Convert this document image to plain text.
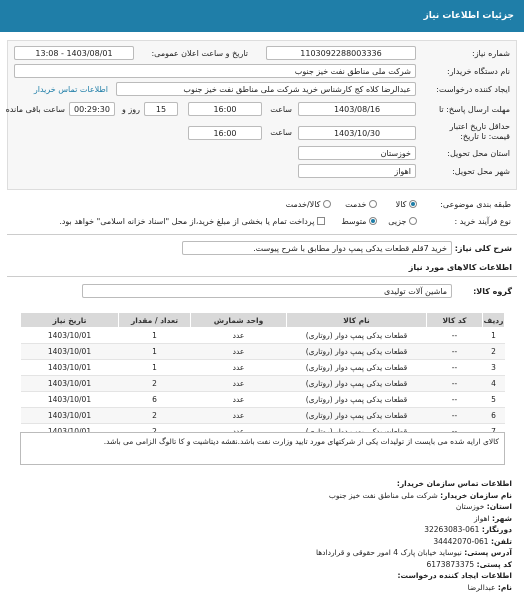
جزئیات اطلاعات نیاز
شماره نیاز:
1103092288003336
تاریخ و ساعت اعلان عمومی:
1403/08/01 - 13:08
نام دستگاه خریدار:
شرکت ملی مناطق نفت خیز جنوب
ایجاد کننده درخواست:
عبدالرضا کلاه کج کارشناس خرید شرکت ملی مناطق نفت خیز جنوب
اطلاعات تماس خریدار
مهلت ارسال پاسخ: تا
1403/08/16
ساعت
16:00
15
روز و
00:29:30
ساعت باقی مانده
حداقل تاریخ اعتبار
قیمت: تا تاریخ:
1403/10/30
ساعت
16:00
استان محل تحویل:
خوزستان
شهر محل تحویل:
اهواز
طبقه بندی موضوعی:
کالا
خدمت
کالا/خدمت
نوع فرآیند خرید :
جزیی
متوسط
پرداخت تمام یا بخشی از مبلغ خرید،از محل "اسناد خزانه اسلامی" خواهد بود.
شرح کلی نیاز:
خرید 7قلم قطعات یدکی پمپ دوار مطابق با شرح پیوست.
اطلاعات کالاهای مورد نیاز
گروه کالا:
ماشین آلات تولیدی
ردیف	کد کالا	نام کالا	واحد شمارش	تعداد / مقدار	تاریخ نیاز
1	--	قطعات یدکی پمپ دوار (روتاری)	عدد	1	1403/10/01
2	--	قطعات یدکی پمپ دوار (روتاری)	عدد	1	1403/10/01
3	--	قطعات یدکی پمپ دوار (روتاری)	عدد	1	1403/10/01
4	--	قطعات یدکی پمپ دوار (روتاری)	عدد	2	1403/10/01
5	--	قطعات یدکی پمپ دوار (روتاری)	عدد	6	1403/10/01
6	--	قطعات یدکی پمپ دوار (روتاری)	عدد	2	1403/10/01

کالای ارایه شده می بایست از تولیدات یکی از شرکتهای مورد تایید وزارت نفت باشد.نقشه دیتاشیت و کا تالوگ الزامی می باشد.
اطلاعات تماس سازمان خریدار:
نام سازمان خریدار: شرکت ملی مناطق نفت خیز جنوب
استان: خوزستان
شهر: اهواز
دورنگار: 061-32263083
تلفن: 061-34442070
آدرس پستی: نیوساید خیابان پارک 4 امور حقوقی و قراردادها
کد پستی: 6173873375
اطلاعات ایجاد کننده درخواست:
نام: عبدالرضا
